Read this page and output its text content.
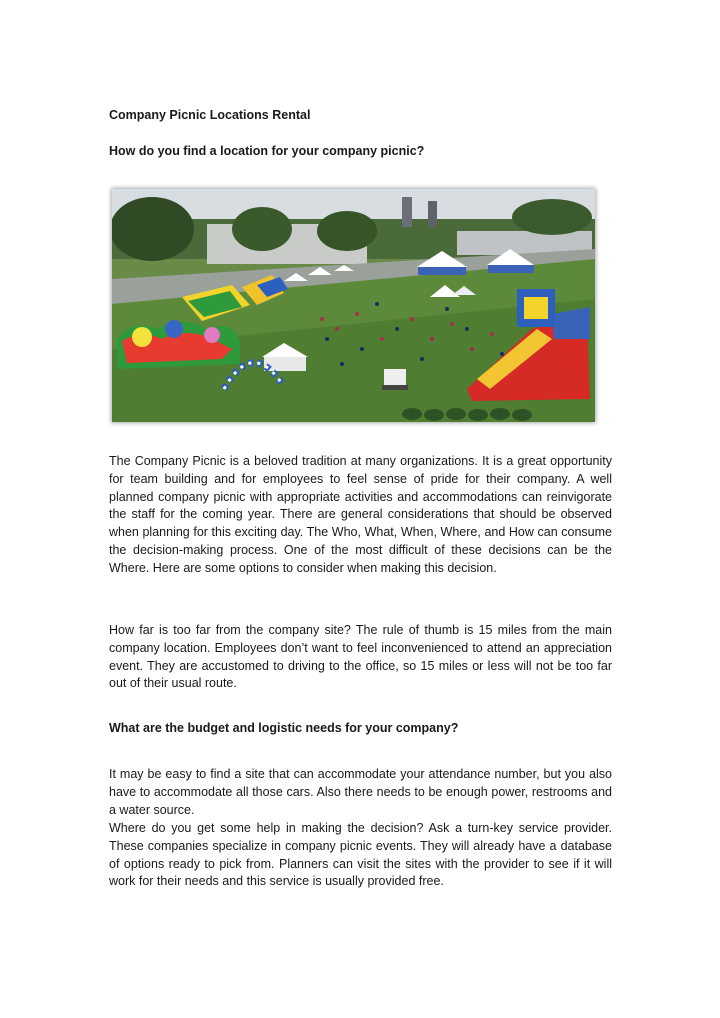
Company Picnic Locations Rental
How do you find a location for your company picnic?

The Company Picnic is a beloved tradition at many organizations. It is a great opportunity for team building and for employees to feel sense of pride for their company. A well planned company picnic with appropriate activities and accommodations can reinvigorate the staff for the coming year. There are general considerations that should be observed when planning for this exciting day. The Who, What, When, Where, and How can consume the decision-making process. One of the most difficult of these decisions can be the Where. Here are some options to consider when making this decision.

How far is too far from the company site? The rule of thumb is 15 miles from the main company location. Employees don’t want to feel inconvenienced to attend an appreciation event. They are accustomed to driving to the office, so 15 miles or less will not be too far out of their usual route.

What are the budget and logistic needs for your company?

It may be easy to find a site that can accommodate your attendance number, but you also have to accommodate all those cars. Also there needs to be enough power, restrooms and a water source.

Where do you get some help in making the decision? Ask a turn-key service provider. These companies specialize in company picnic events. They will already have a database of options ready to pick from. Planners can visit the sites with the provider to see if it will work for their needs and this service is usually provided free.
